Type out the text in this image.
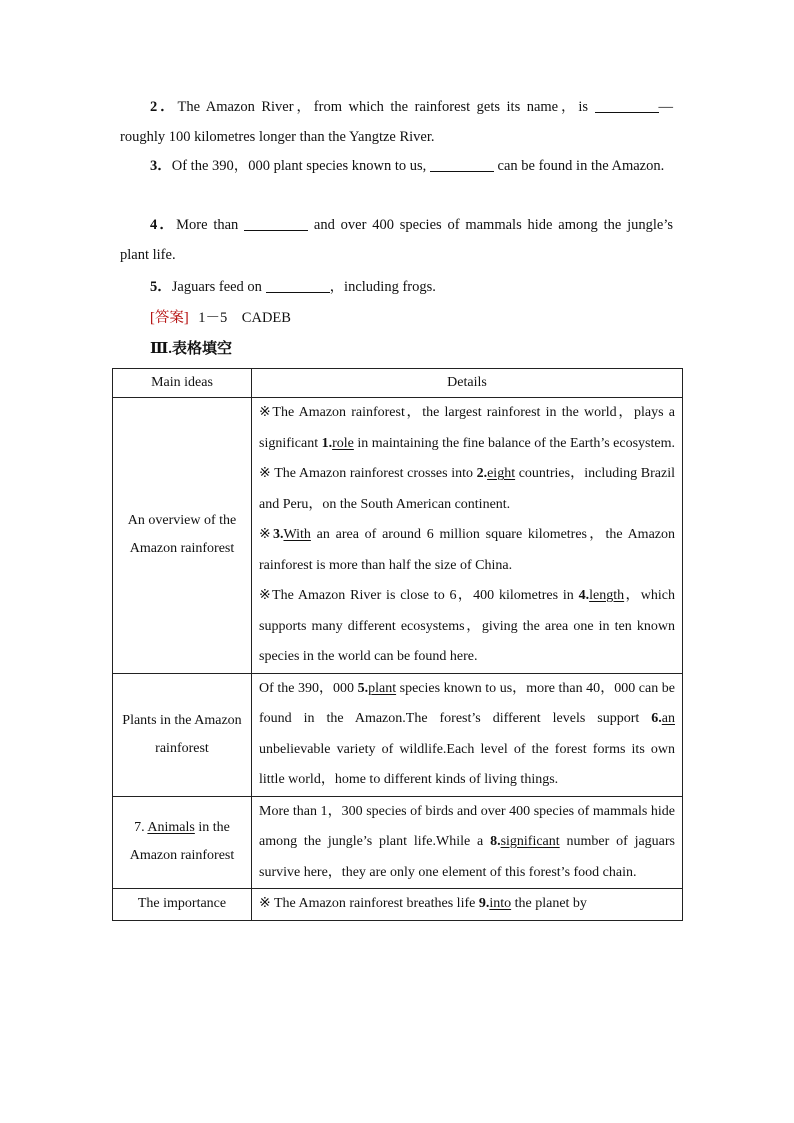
2．The Amazon River，from which the rainforest gets its name，is	—roughly 100 kilometres longer than the Yangtze River.
3．Of the 390，000 plant species known to us,	can be found in the Amazon.
4．More than	and over 400 species of mammals hide among the jungle’s plant life.
5．Jaguars feed on	，including frogs.
[答案] 1－5　CADEB
Ⅲ.表格填空
Main ideas	Details
An overview of the Amazon rainforest	※The Amazon rainforest，the largest rainforest in the world，plays a significant 1.role in maintaining the fine balance of the Earth’s ecosystem.
※ The Amazon rainforest crosses into 2.eight countries，including Brazil and Peru，on the South American continent.
※3.With an area of around 6 million square kilometres，the Amazon rainforest is more than half the size of China.
※The Amazon River is close to 6，400 kilometres in 4.length，which supports many different ecosystems，giving the area one in ten known species in the world can be found here.

Plants in the Amazon rainforest	Of the 390，000 5.plant species known to us，more than 40，000 can be found in the Amazon.The forest’s different levels support 6.an unbelievable variety of wildlife.Each level of the forest forms its own little world，home to different kinds of living things.

7. Animals in the Amazon rainforest	More than 1，300 species of birds and over 400 species of mammals hide among the jungle’s plant life.While a 8.significant number of jaguars survive here，they are only one element of this forest’s food chain.

The importance	※ The Amazon rainforest breathes life 9.into the planet by
